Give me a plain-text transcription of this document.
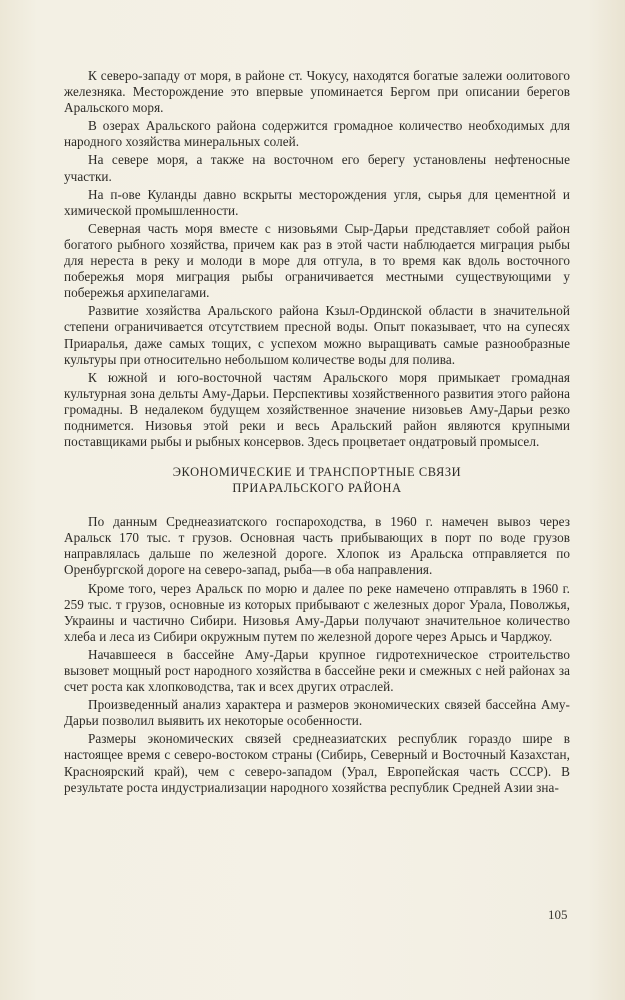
К северо-западу от моря, в районе ст. Чокусу, находятся богатые залежи оолитового железняка. Месторождение это впервые упоминается Бергом при описании берегов Аральского моря.

В озерах Аральского района содержится громадное количество необходимых для народного хозяйства минеральных солей.

На севере моря, а также на восточном его берегу установлены нефтеносные участки.

На п-ове Куланды давно вскрыты месторождения угля, сырья для цементной и химической промышленности.

Северная часть моря вместе с низовьями Сыр-Дарьи представляет собой район богатого рыбного хозяйства, причем как раз в этой части наблюдается миграция рыбы для нереста в реку и молоди в море для отгула, в то время как вдоль восточного побережья моря миграция рыбы ограничивается местными существующими у побережья архипелагами.

Развитие хозяйства Аральского района Кзыл-Ординской области в значительной степени ограничивается отсутствием пресной воды. Опыт показывает, что на супесях Приаралья, даже самых тощих, с успехом можно выращивать самые разнообразные культуры при относительно небольшом количестве воды для полива.

К южной и юго-восточной частям Аральского моря примыкает громадная культурная зона дельты Аму-Дарьи. Перспективы хозяйственного развития этого района громадны. В недалеком будущем хозяйственное значение низовьев Аму-Дарьи резко поднимется. Низовья этой реки и весь Аральский район являются крупными поставщиками рыбы и рыбных консервов. Здесь процветает ондатровый промысел.

ЭКОНОМИЧЕСКИЕ И ТРАНСПОРТНЫЕ СВЯЗИ
ПРИАРАЛЬСКОГО РАЙОНА

По данным Среднеазиатского госпароходства, в 1960 г. намечен вывоз через Аральск 170 тыс. т грузов. Основная часть прибывающих в порт по воде грузов направлялась дальше по железной дороге. Хлопок из Аральска отправляется по Оренбургской дороге на северо-запад, рыба—в оба направления.

Кроме того, через Аральск по морю и далее по реке намечено отправлять в 1960 г. 259 тыс. т грузов, основные из которых прибывают с железных дорог Урала, Поволжья, Украины и частично Сибири. Низовья Аму-Дарьи получают значительное количество хлеба и леса из Сибири окружным путем по железной дороге через Арысь и Чарджоу.

Начавшееся в бассейне Аму-Дарьи крупное гидротехническое строительство вызовет мощный рост народного хозяйства в бассейне реки и смежных с ней районах за счет роста как хлопководства, так и всех других отраслей.

Произведенный анализ характера и размеров экономических связей бассейна Аму-Дарьи позволил выявить их некоторые особенности.

Размеры экономических связей среднеазиатских республик гораздо шире в настоящее время с северо-востоком страны (Сибирь, Северный и Восточный Казахстан, Красноярский край), чем с северо-западом (Урал, Европейская часть СССР). В результате роста индустриализации народного хозяйства республик Средней Азии зна-

105
